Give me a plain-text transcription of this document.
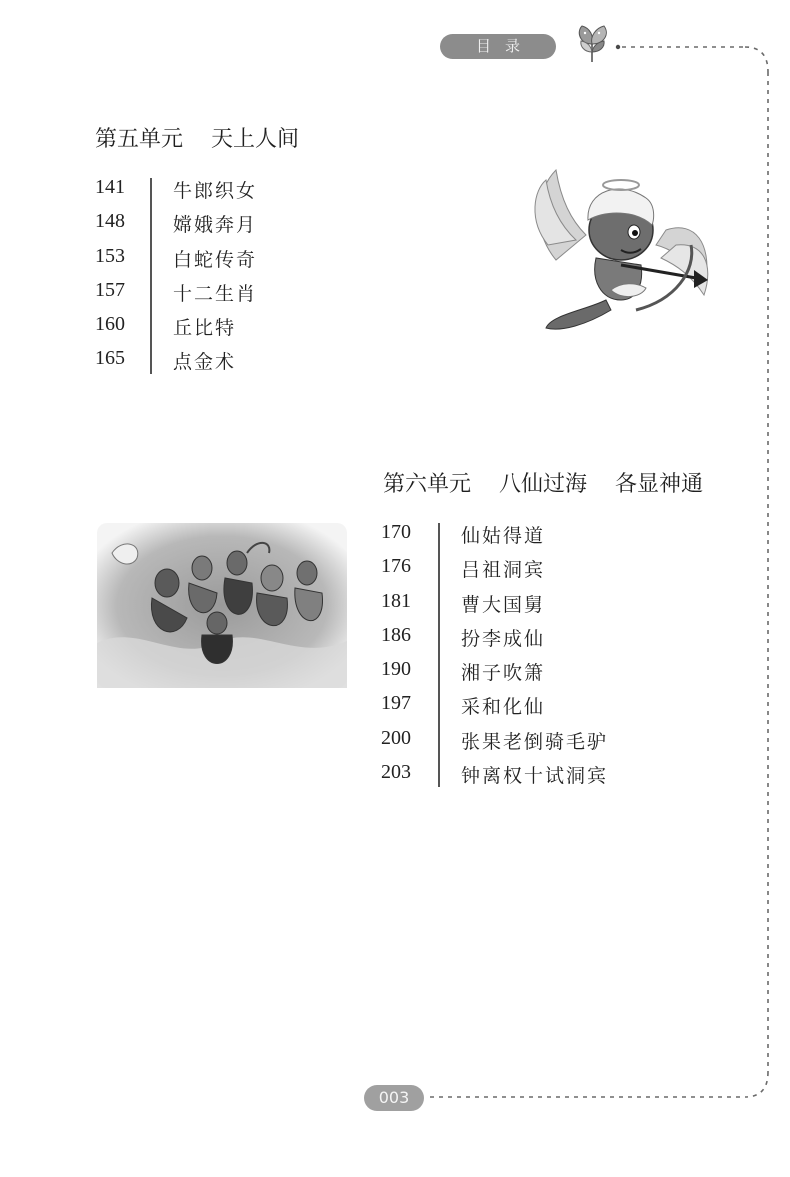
目录
第五单元    天上人间
141	牛郎织女
148	嫦娥奔月
153	白蛇传奇
157	十二生肖
160	丘比特
165	点金术
第六单元    八仙过海    各显神通
170	仙姑得道
176	吕祖洞宾
181	曹大国舅
186	扮李成仙
190	湘子吹箫
197	采和化仙
200	张果老倒骑毛驴
203	钟离权十试洞宾
003
